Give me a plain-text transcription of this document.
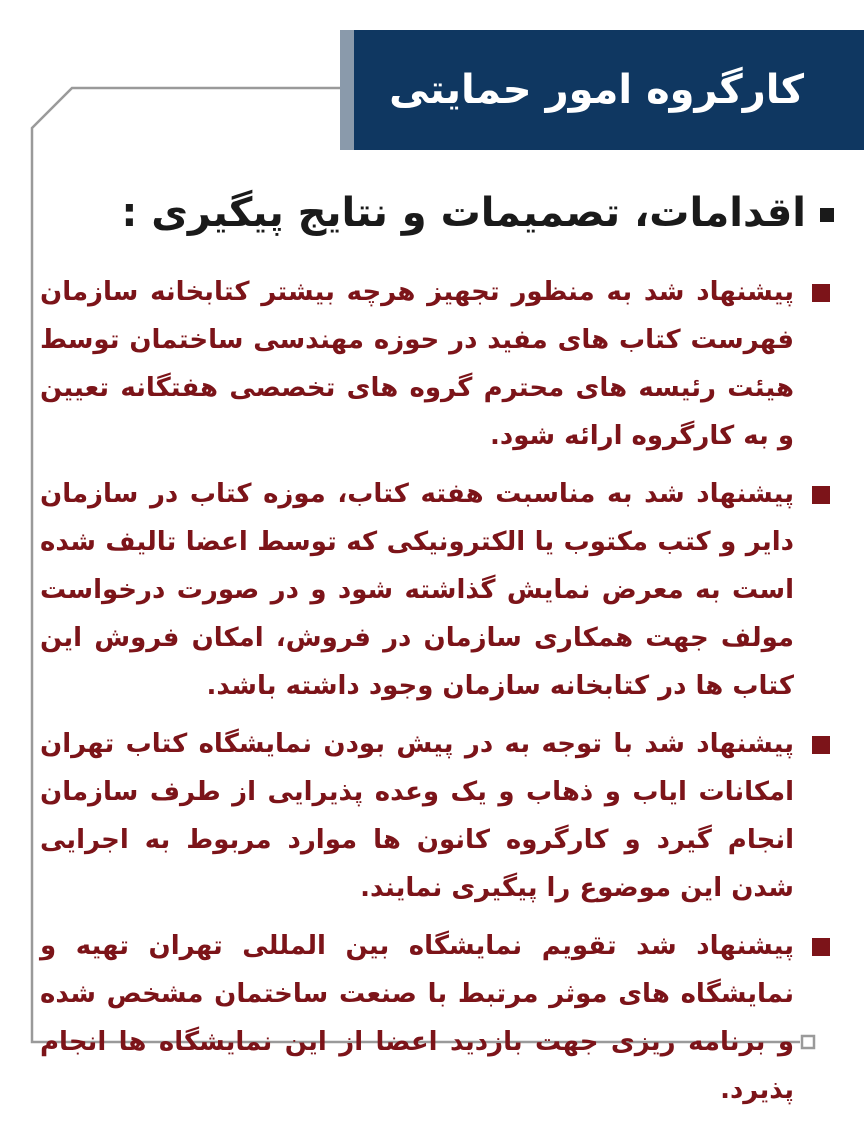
کارگروه امور حمایتی
اقدامات، تصمیمات و نتایج پیگیری :
پیشنهاد شد به منظور تجهیز هرچه بیشتر کتابخانه سازمان فهرست کتاب های مفید در حوزه مهندسی ساختمان توسط هیئت رئیسه های محترم گروه های تخصصی هفتگانه تعیین و به کارگروه ارائه شود.
پیشنهاد شد به مناسبت هفته کتاب، موزه کتاب در سازمان دایر و کتب مکتوب یا الکترونیکی که توسط اعضا تالیف شده است به معرض نمایش گذاشته شود و در صورت درخواست مولف جهت همکاری سازمان در فروش، امکان فروش این کتاب ها در کتابخانه سازمان وجود داشته باشد.
پیشنهاد شد با توجه به در پیش بودن نمایشگاه کتاب تهران امکانات ایاب و ذهاب و یک وعده پذیرایی از طرف سازمان انجام گیرد و کارگروه کانون ها موارد مربوط به اجرایی شدن این موضوع را پیگیری نمایند.
پیشنهاد شد تقویم نمایشگاه بین المللی تهران تهیه و نمایشگاه های موثر مرتبط با صنعت ساختمان مشخص شده و برنامه ریزی جهت بازدید اعضا از این نمایشگاه ها انجام پذیرد.
